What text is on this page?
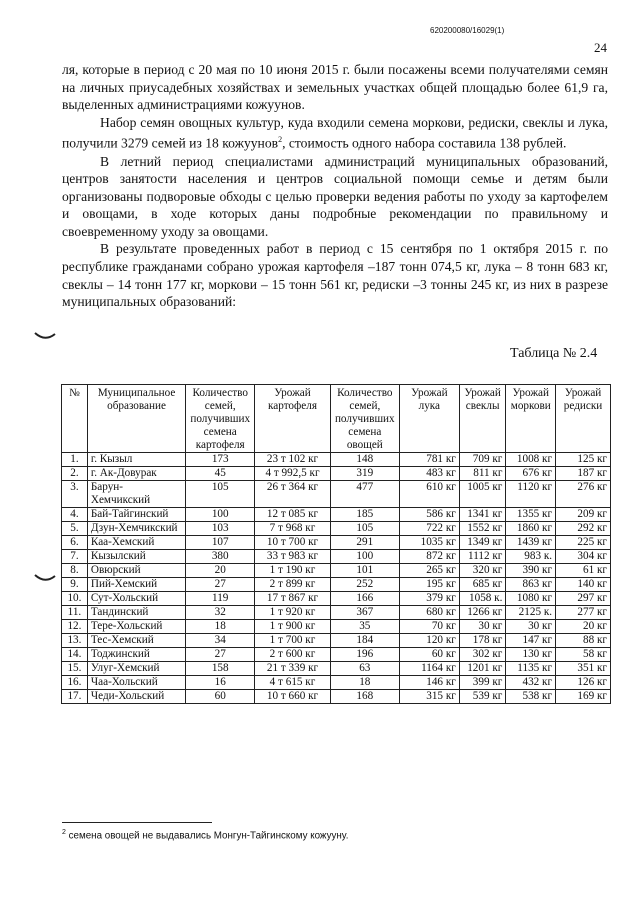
620200080/16029(1)
24

ля, которые в период с 20 мая по 10 июня 2015 г. были посажены всеми получателями семян на личных приусадебных хозяйствах и земельных участках общей площадью более 61,9 га, выделенных администрациями кожуунов.

Набор семян овощных культур, куда входили семена моркови, редиски, свеклы и лука, получили 3279 семей из 18 кожуунов$^2$, стоимость одного набора составила 138 рублей.

В летний период специалистами администраций муниципальных образований, центров занятости населения и центров социальной помощи семье и детям были организованы подворовые обходы с целью проверки ведения работы по уходу за картофелем и овощами, в ходе которых даны подробные рекомендации по правильному и своевременному уходу за овощами.

В результате проведенных работ в период с 15 сентября по 1 октября 2015 г. по республике гражданами собрано урожая картофеля –187 тонн 074,5 кг, лука – 8 тонн 683 кг, свеклы – 14 тонн 177 кг, моркови – 15 тонн 561 кг, редиски –3 тонны 245 кг, из них в разрезе муниципальных образований:

Таблица № 2.4
№	Муниципальное образование	Количество семей, получивших семена картофеля	Урожай картофеля	Количество семей, получивших семена овощей	Урожай лука	Урожай свеклы	Урожай моркови	Урожай редиски
1.	г. Кызыл	173	23 т 102 кг	148	781 кг	709 кг	1008 кг	125 кг
2.	г. Ак-Довурак	45	4 т 992,5 кг	319	483 кг	811 кг	676 кг	187 кг
3.	Барун-Хемчикский	105	26 т 364 кг	477	610 кг	1005 кг	1120 кг	276 кг
4.	Бай-Тайгинский	100	12 т 085 кг	185	586 кг	1341 кг	1355 кг	209 кг
5.	Дзун-Хемчикский	103	7 т 968 кг	105	722 кг	1552 кг	1860 кг	292 кг
6.	Каа-Хемский	107	10 т 700 кг	291	1035 кг	1349 кг	1439 кг	225 кг
7.	Кызылский	380	33 т 983 кг	100	872 кг	1112 кг	983 к.	304 кг
8.	Овюрский	20	1 т 190 кг	101	265 кг	320 кг	390 кг	61 кг
9.	Пий-Хемский	27	2 т 899 кг	252	195 кг	685 кг	863 кг	140 кг
10.	Сут-Хольский	119	17 т 867 кг	166	379 кг	1058 к.	1080 кг	297 кг
11.	Тандинский	32	1 т 920 кг	367	680 кг	1266 кг	2125 к.	277 кг
12.	Тере-Хольский	18	1 т 900 кг	35	70 кг	30 кг	30 кг	20 кг
13.	Тес-Хемский	34	1 т 700 кг	184	120 кг	178 кг	147 кг	88 кг
14.	Тоджинский	27	2 т 600 кг	196	60 кг	302 кг	130 кг	58 кг
15.	Улуг-Хемский	158	21 т 339 кг	63	1164 кг	1201 кг	1135 кг	351 кг
16.	Чаа-Хольский	16	4 т 615 кг	18	146 кг	399 кг	432 кг	126 кг
17.	Чеди-Хольский	60	10 т 660 кг	168	315 кг	539 кг	538 кг	169 кг
$^2$ семена овощей не выдавались Монгун-Тайгинскому кожууну.
